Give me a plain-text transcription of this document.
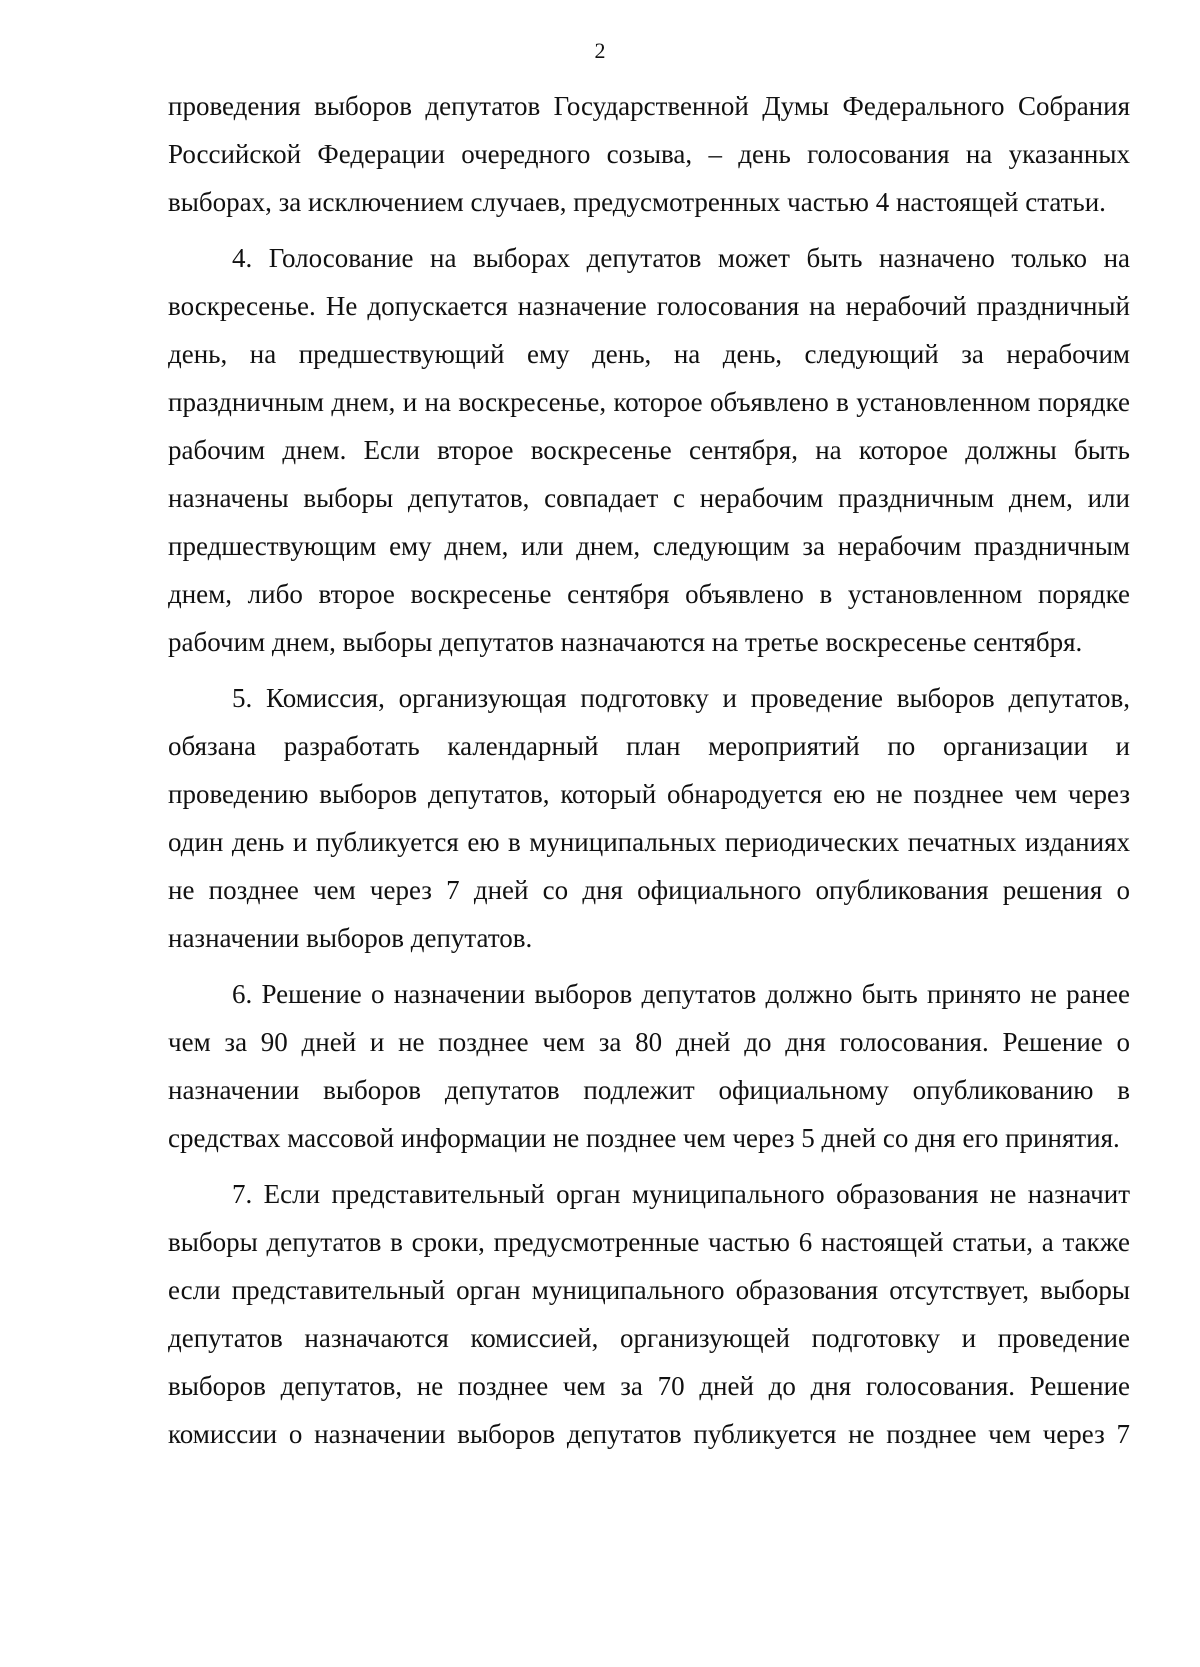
2

проведения выборов депутатов Государственной Думы Федерального Собрания Российской Федерации очередного созыва, – день голосования на указанных выборах, за исключением случаев, предусмотренных частью 4 настоящей статьи.

4. Голосование на выборах депутатов может быть назначено только на воскресенье. Не допускается назначение голосования на нерабочий праздничный день, на предшествующий ему день, на день, следующий за нерабочим праздничным днем, и на воскресенье, которое объявлено в установленном порядке рабочим днем. Если второе воскресенье сентября, на которое должны быть назначены выборы депутатов, совпадает с нерабочим праздничным днем, или предшествующим ему днем, или днем, следующим за нерабочим праздничным днем, либо второе воскресенье сентября объявлено в установленном порядке рабочим днем, выборы депутатов назначаются на третье воскресенье сентября.

5. Комиссия, организующая подготовку и проведение выборов депутатов, обязана разработать календарный план мероприятий по организации и проведению выборов депутатов, который обнародуется ею не позднее чем через один день и публикуется ею в муниципальных периодических печатных изданиях не позднее чем через 7 дней со дня официального опубликования решения о назначении выборов депутатов.

6. Решение о назначении выборов депутатов должно быть принято не ранее чем за 90 дней и не позднее чем за 80 дней до дня голосования. Решение о назначении выборов депутатов подлежит официальному опубликованию в средствах массовой информации не позднее чем через 5 дней со дня его принятия.

7. Если представительный орган муниципального образования не назначит выборы депутатов в сроки, предусмотренные частью 6 настоящей статьи, а также если представительный орган муниципального образования отсутствует, выборы депутатов назначаются комиссией, организующей подготовку и проведение выборов депутатов, не позднее чем за 70 дней до дня голосования. Решение комиссии о назначении выборов депутатов публикуется не позднее чем через 7
